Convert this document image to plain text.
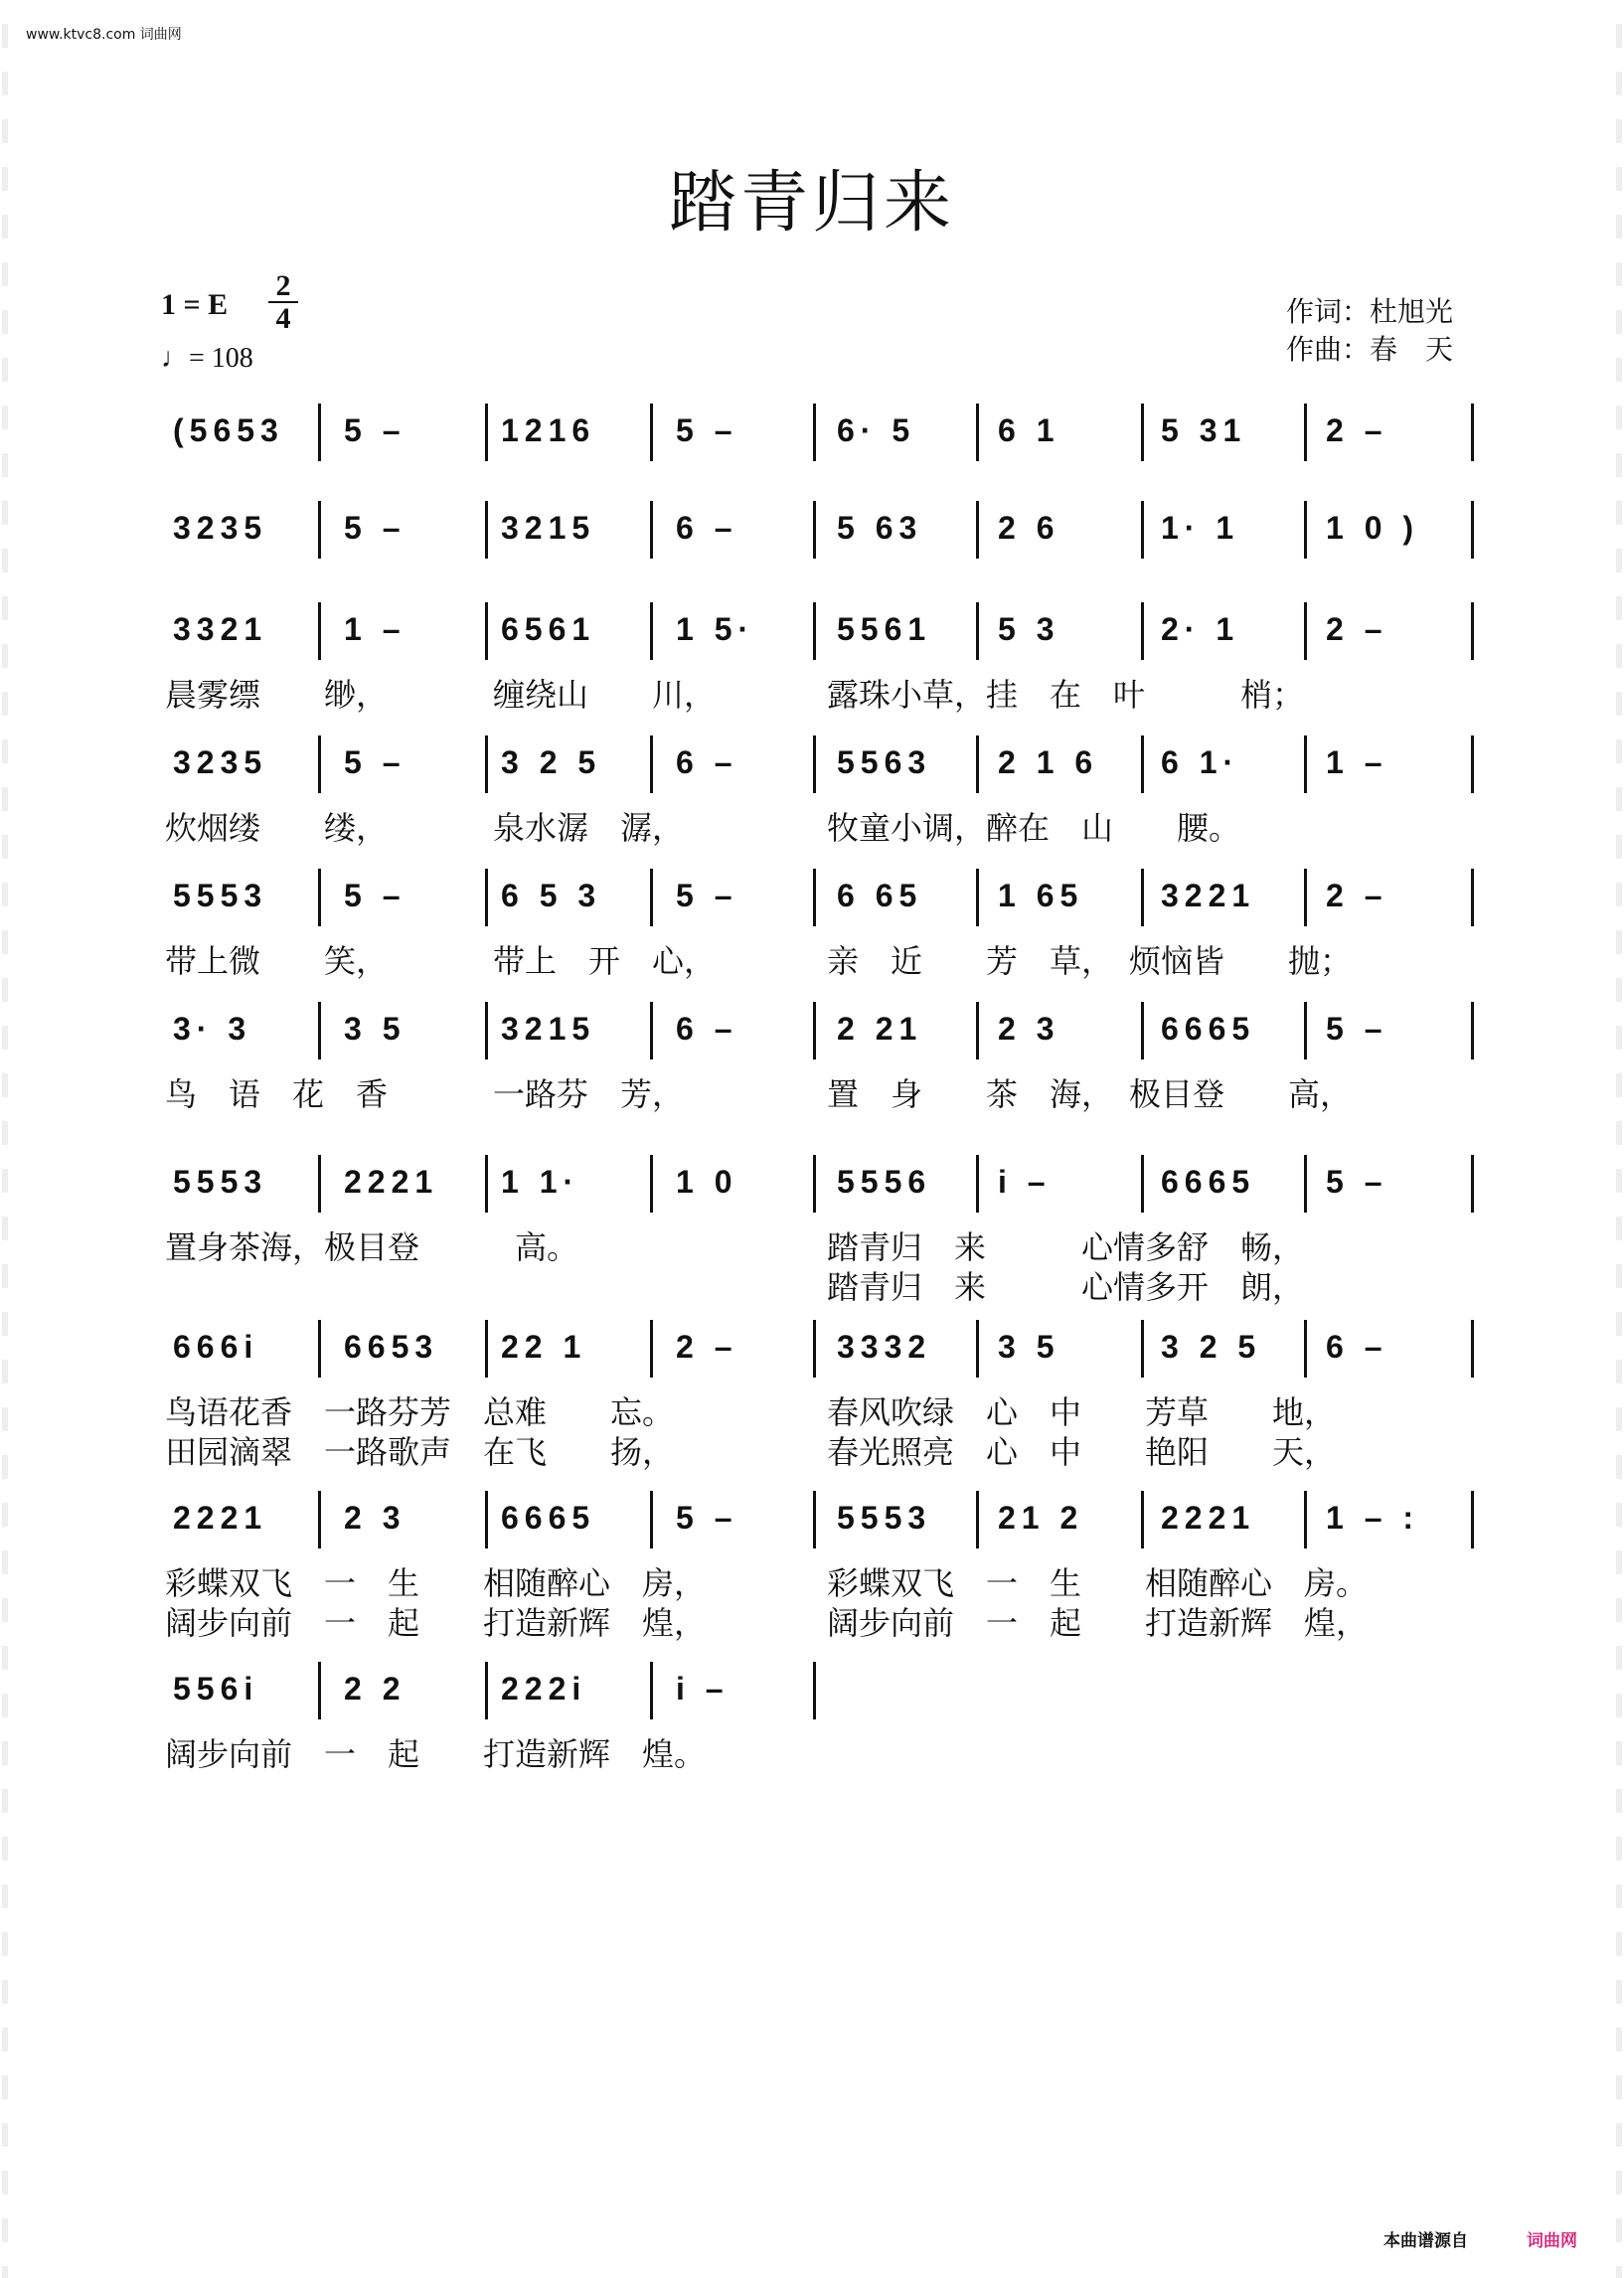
www.ktvc8.com 词曲网
踏青归来
1 = E
2
4
♩= 108
作词：杜旭光
作曲：春　天
(5653 5 –	1216	5 –	6· 5	6 1	5 31 2 –
3235 5 –	3215	6 –	5 63 2 6	1· 1	1 0 )
3321 1 –	6561	1 5·	5561 5 3	2· 1	2 –
晨雾缥　　缈，	缠绕山　　川，	露珠小草，挂　在　叶　　　梢；
3235 5 –	3 2 5 6 –	5563 2 1 6 6 1·	1 –
炊烟缕　　缕，	泉水潺　潺，	牧童小调，醉在　山　　腰。
5553 5 –	6 5 3 5 –	6 65 1 65 3221 2 –
带上微　　笑，	带上　开　心，	亲　近　　芳　草，　烦恼皆　　抛；
3· 3	3 5	3215	6 –	2 21 2 3	6665 5 –
鸟　语　花　香	一路芬　芳，	置　身　　茶　海，　极目登　　高，
5553 2221 1 1·	1 0	5556 i –	6665 5 –
置身茶海，极目登　　　高。	踏青归　来　　　心情多舒　畅，
踏青归　来　　　心情多开　朗，
666i	6653 22 1	2 –	3332 3 5	3 2 5 6 –
鸟语花香　一路芬芳　总难　　忘。	春风吹绿　心　中　　芳草　　地，
田园滴翠　一路歌声　在飞　　扬，	春光照亮　心　中　　艳阳　　天，
2221 2 3	6665	5 –	5553 21 2 2221 1 – :
彩蝶双飞　一　生　　相随醉心　房，	彩蝶双飞　一　生　　相随醉心　房。
阔步向前　一　起　　打造新辉　煌，	阔步向前　一　起　　打造新辉　煌，
556i	2 2	222i	i –
阔步向前　一　起　　打造新辉　煌。
本曲谱源自	词曲网
